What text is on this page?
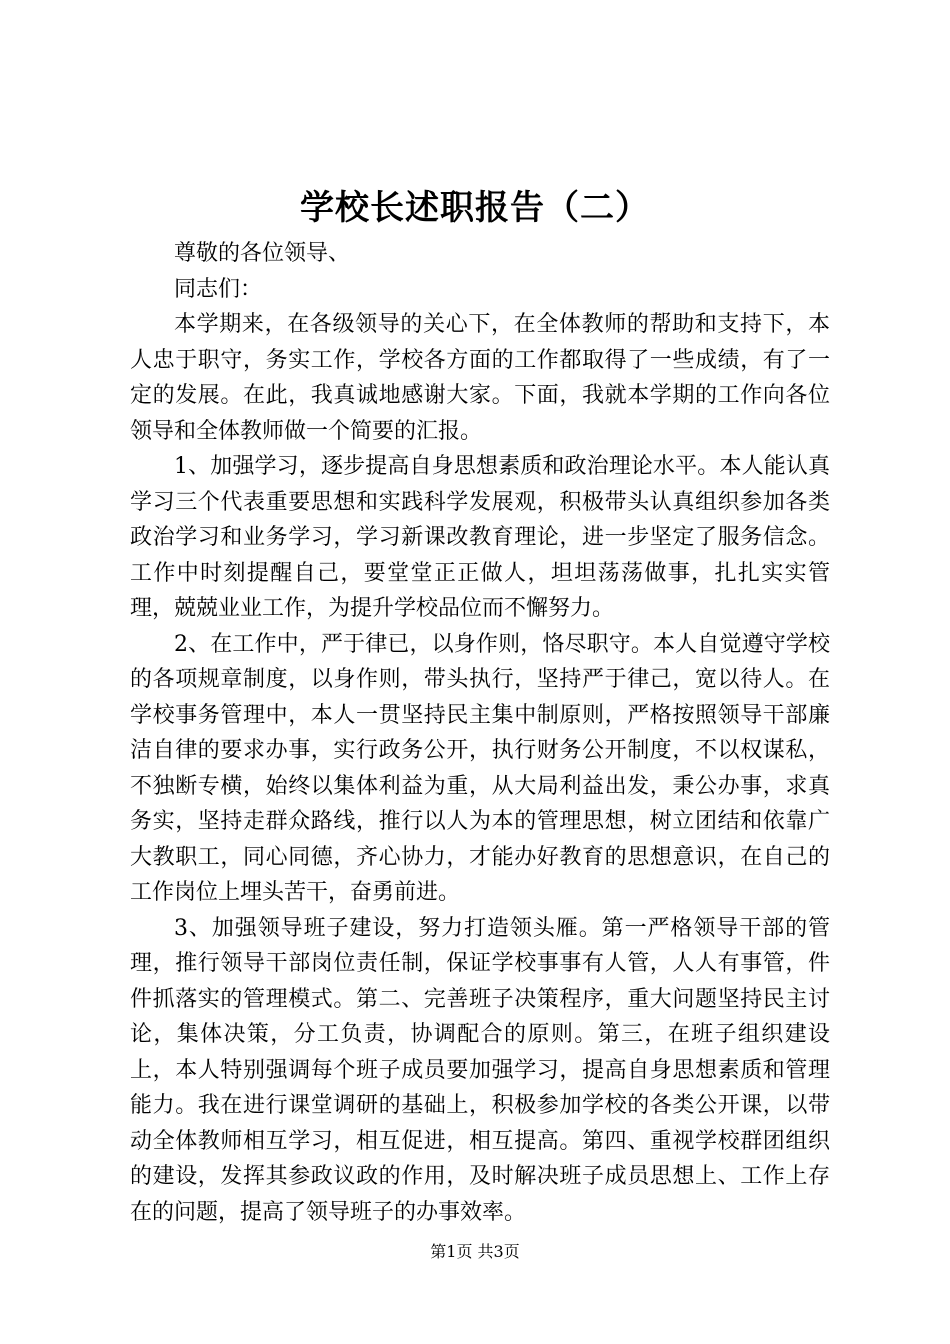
学校长述职报告（二）

尊敬的各位领导、

同志们：

本学期来，在各级领导的关心下，在全体教师的帮助和支持下，本人忠于职守，务实工作，学校各方面的工作都取得了一些成绩，有了一定的发展。在此，我真诚地感谢大家。下面，我就本学期的工作向各位领导和全体教师做一个简要的汇报。

1、加强学习，逐步提高自身思想素质和政治理论水平。本人能认真学习三个代表重要思想和实践科学发展观，积极带头认真组织参加各类政治学习和业务学习，学习新课改教育理论，进一步坚定了服务信念。工作中时刻提醒自己，要堂堂正正做人，坦坦荡荡做事，扎扎实实管理，兢兢业业工作，为提升学校品位而不懈努力。

2、在工作中，严于律已，以身作则，恪尽职守。本人自觉遵守学校的各项规章制度，以身作则，带头执行，坚持严于律己，宽以待人。在学校事务管理中，本人一贯坚持民主集中制原则，严格按照领导干部廉洁自律的要求办事，实行政务公开，执行财务公开制度，不以权谋私，不独断专横，始终以集体利益为重，从大局利益出发，秉公办事，求真务实，坚持走群众路线，推行以人为本的管理思想，树立团结和依靠广大教职工，同心同德，齐心协力，才能办好教育的思想意识，在自己的工作岗位上埋头苦干，奋勇前进。

3、加强领导班子建设，努力打造领头雁。第一严格领导干部的管理，推行领导干部岗位责任制，保证学校事事有人管，人人有事管，件件抓落实的管理模式。第二、完善班子决策程序，重大问题坚持民主讨论，集体决策，分工负责，协调配合的原则。第三，在班子组织建设上，本人特别强调每个班子成员要加强学习，提高自身思想素质和管理能力。我在进行课堂调研的基础上，积极参加学校的各类公开课，以带动全体教师相互学习，相互促进，相互提高。第四、重视学校群团组织的建设，发挥其参政议政的作用，及时解决班子成员思想上、工作上存在的问题，提高了领导班子的办事效率。

第1页 共3页
